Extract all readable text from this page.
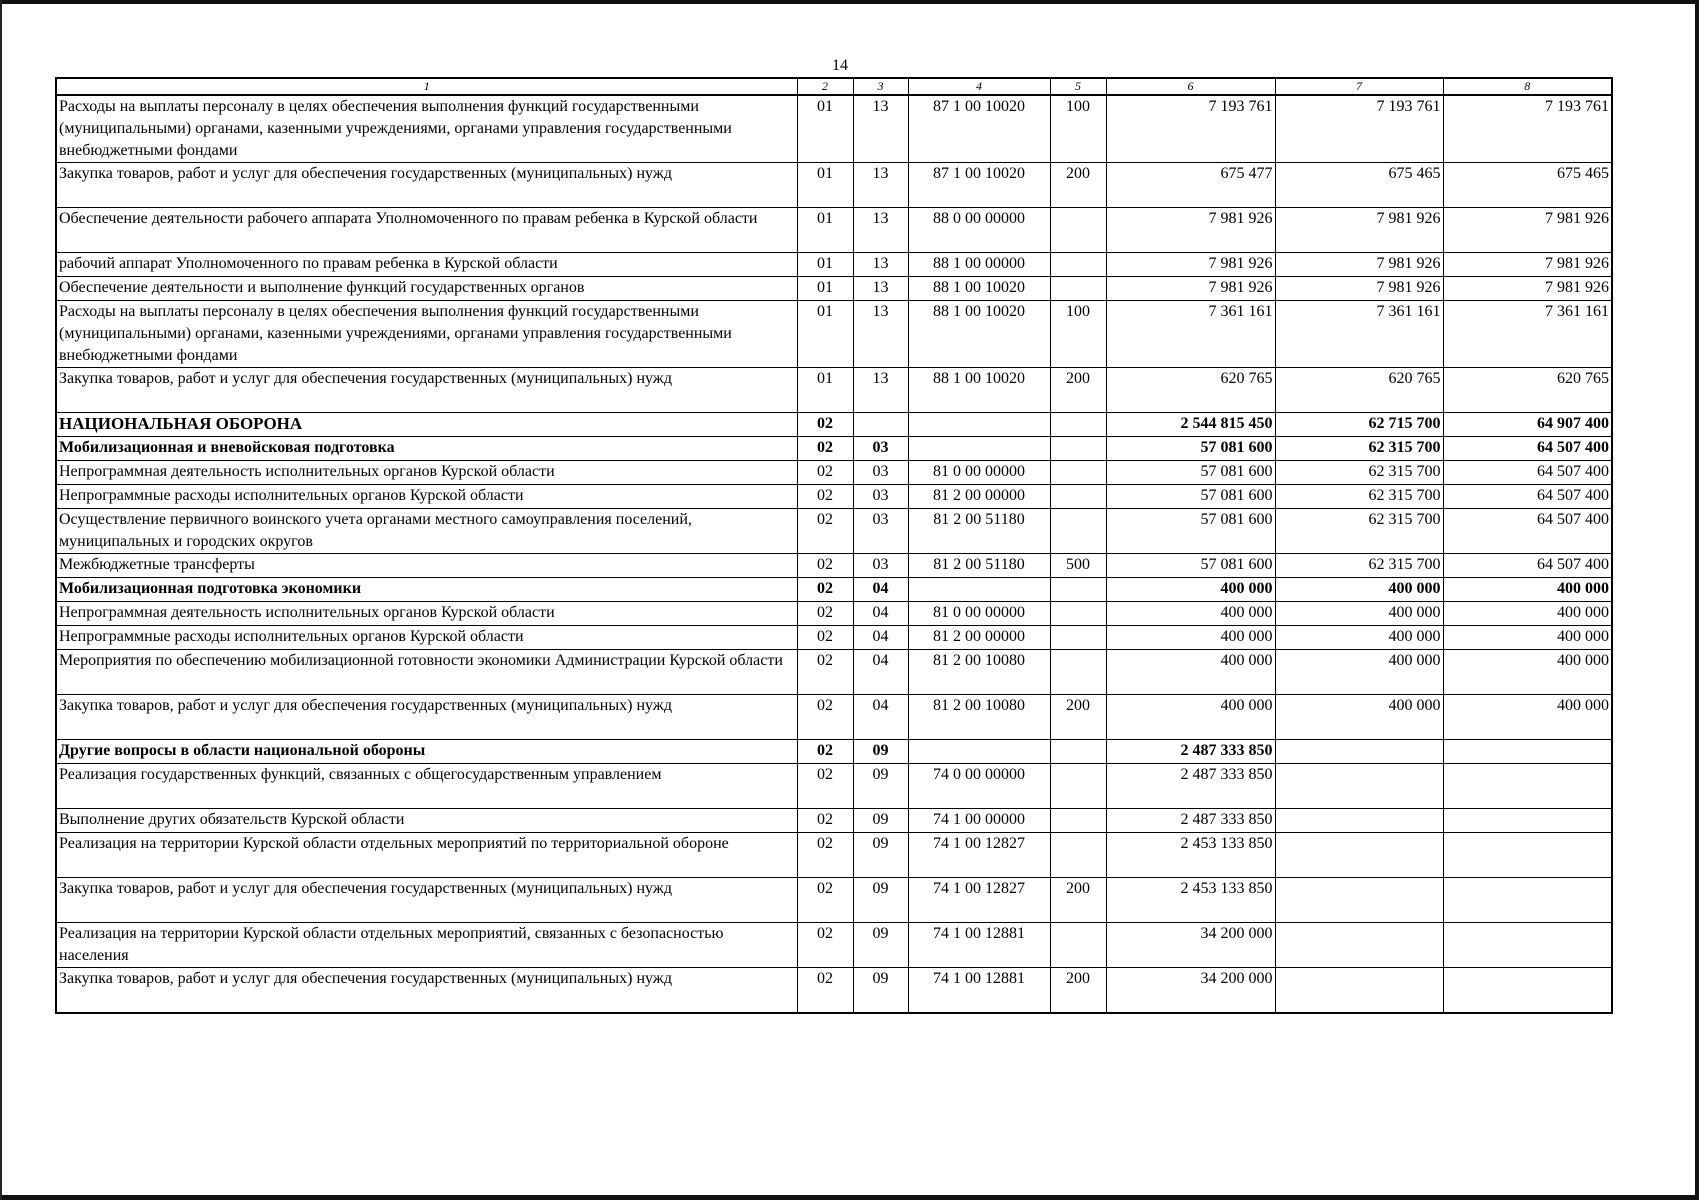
14
1	2	3	4	5	6	7	8
Расходы на выплаты персоналу в целях обеспечения выполнения функций государственными (муниципальными) органами, казенными учреждениями, органами управления государственными внебюджетными фондами	01	13	87 1 00 10020	100	7 193 761	7 193 761	7 193 761
Закупка товаров, работ и услуг для обеспечения государственных (муниципальных) нужд	01	13	87 1 00 10020	200	675 477	675 465	675 465
Обеспечение деятельности рабочего аппарата Уполномоченного по правам ребенка в Курской области	01	13	88 0 00 00000		7 981 926	7 981 926	7 981 926
рабочий аппарат Уполномоченного по правам ребенка в Курской области	01	13	88 1 00 00000		7 981 926	7 981 926	7 981 926
Обеспечение деятельности и выполнение функций государственных органов	01	13	88 1 00 10020		7 981 926	7 981 926	7 981 926
Расходы на выплаты персоналу в целях обеспечения выполнения функций государственными (муниципальными) органами, казенными учреждениями, органами управления государственными внебюджетными фондами	01	13	88 1 00 10020	100	7 361 161	7 361 161	7 361 161
Закупка товаров, работ и услуг для обеспечения государственных (муниципальных) нужд	01	13	88 1 00 10020	200	620 765	620 765	620 765
НАЦИОНАЛЬНАЯ ОБОРОНА	02				2 544 815 450	62 715 700	64 907 400
Мобилизационная и вневойсковая подготовка	02	03			57 081 600	62 315 700	64 507 400
Непрограммная деятельность исполнительных органов Курской области	02	03	81 0 00 00000		57 081 600	62 315 700	64 507 400
Непрограммные расходы исполнительных органов Курской области	02	03	81 2 00 00000		57 081 600	62 315 700	64 507 400
Осуществление первичного воинского учета органами местного самоуправления поселений, муниципальных и городских округов	02	03	81 2 00 51180		57 081 600	62 315 700	64 507 400
Межбюджетные трансферты	02	03	81 2 00 51180	500	57 081 600	62 315 700	64 507 400
Мобилизационная подготовка экономики	02	04			400 000	400 000	400 000
Непрограммная деятельность исполнительных органов Курской области	02	04	81 0 00 00000		400 000	400 000	400 000
Непрограммные расходы исполнительных органов Курской области	02	04	81 2 00 00000		400 000	400 000	400 000
Мероприятия по обеспечению мобилизационной готовности экономики Администрации Курской области	02	04	81 2 00 10080		400 000	400 000	400 000
Закупка товаров, работ и услуг для обеспечения государственных (муниципальных) нужд	02	04	81 2 00 10080	200	400 000	400 000	400 000
Другие вопросы в области национальной обороны	02	09			2 487 333 850		
Реализация государственных функций, связанных с общегосударственным управлением	02	09	74 0 00 00000		2 487 333 850		
Выполнение других обязательств Курской области	02	09	74 1 00 00000		2 487 333 850		
Реализация на территории Курской области отдельных мероприятий по территориальной обороне	02	09	74 1 00 12827		2 453 133 850		
Закупка товаров, работ и услуг для обеспечения государственных (муниципальных) нужд	02	09	74 1 00 12827	200	2 453 133 850		
Реализация на территории Курской области отдельных мероприятий, связанных с безопасностью населения	02	09	74 1 00 12881		34 200 000		
Закупка товаров, работ и услуг для обеспечения государственных (муниципальных) нужд	02	09	74 1 00 12881	200	34 200 000		
